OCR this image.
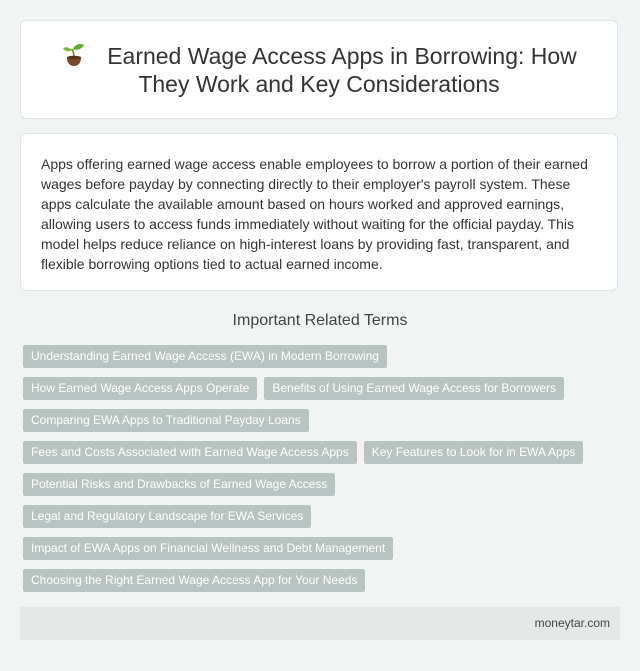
Earned Wage Access Apps in Borrowing: How They Work and Key Considerations

Apps offering earned wage access enable employees to borrow a portion of their earned wages before payday by connecting directly to their employer's payroll system. These apps calculate the available amount based on hours worked and approved earnings, allowing users to access funds immediately without waiting for the official payday. This model helps reduce reliance on high-interest loans by providing fast, transparent, and flexible borrowing options tied to actual earned income.

Important Related Terms
Understanding Earned Wage Access (EWA) in Modern Borrowing
How Earned Wage Access Apps Operate Benefits of Using Earned Wage Access for Borrowers
Comparing EWA Apps to Traditional Payday Loans
Fees and Costs Associated with Earned Wage Access Apps Key Features to Look for in EWA Apps
Potential Risks and Drawbacks of Earned Wage Access
Legal and Regulatory Landscape for EWA Services
Impact of EWA Apps on Financial Wellness and Debt Management
Choosing the Right Earned Wage Access App for Your Needs
moneytar.com
